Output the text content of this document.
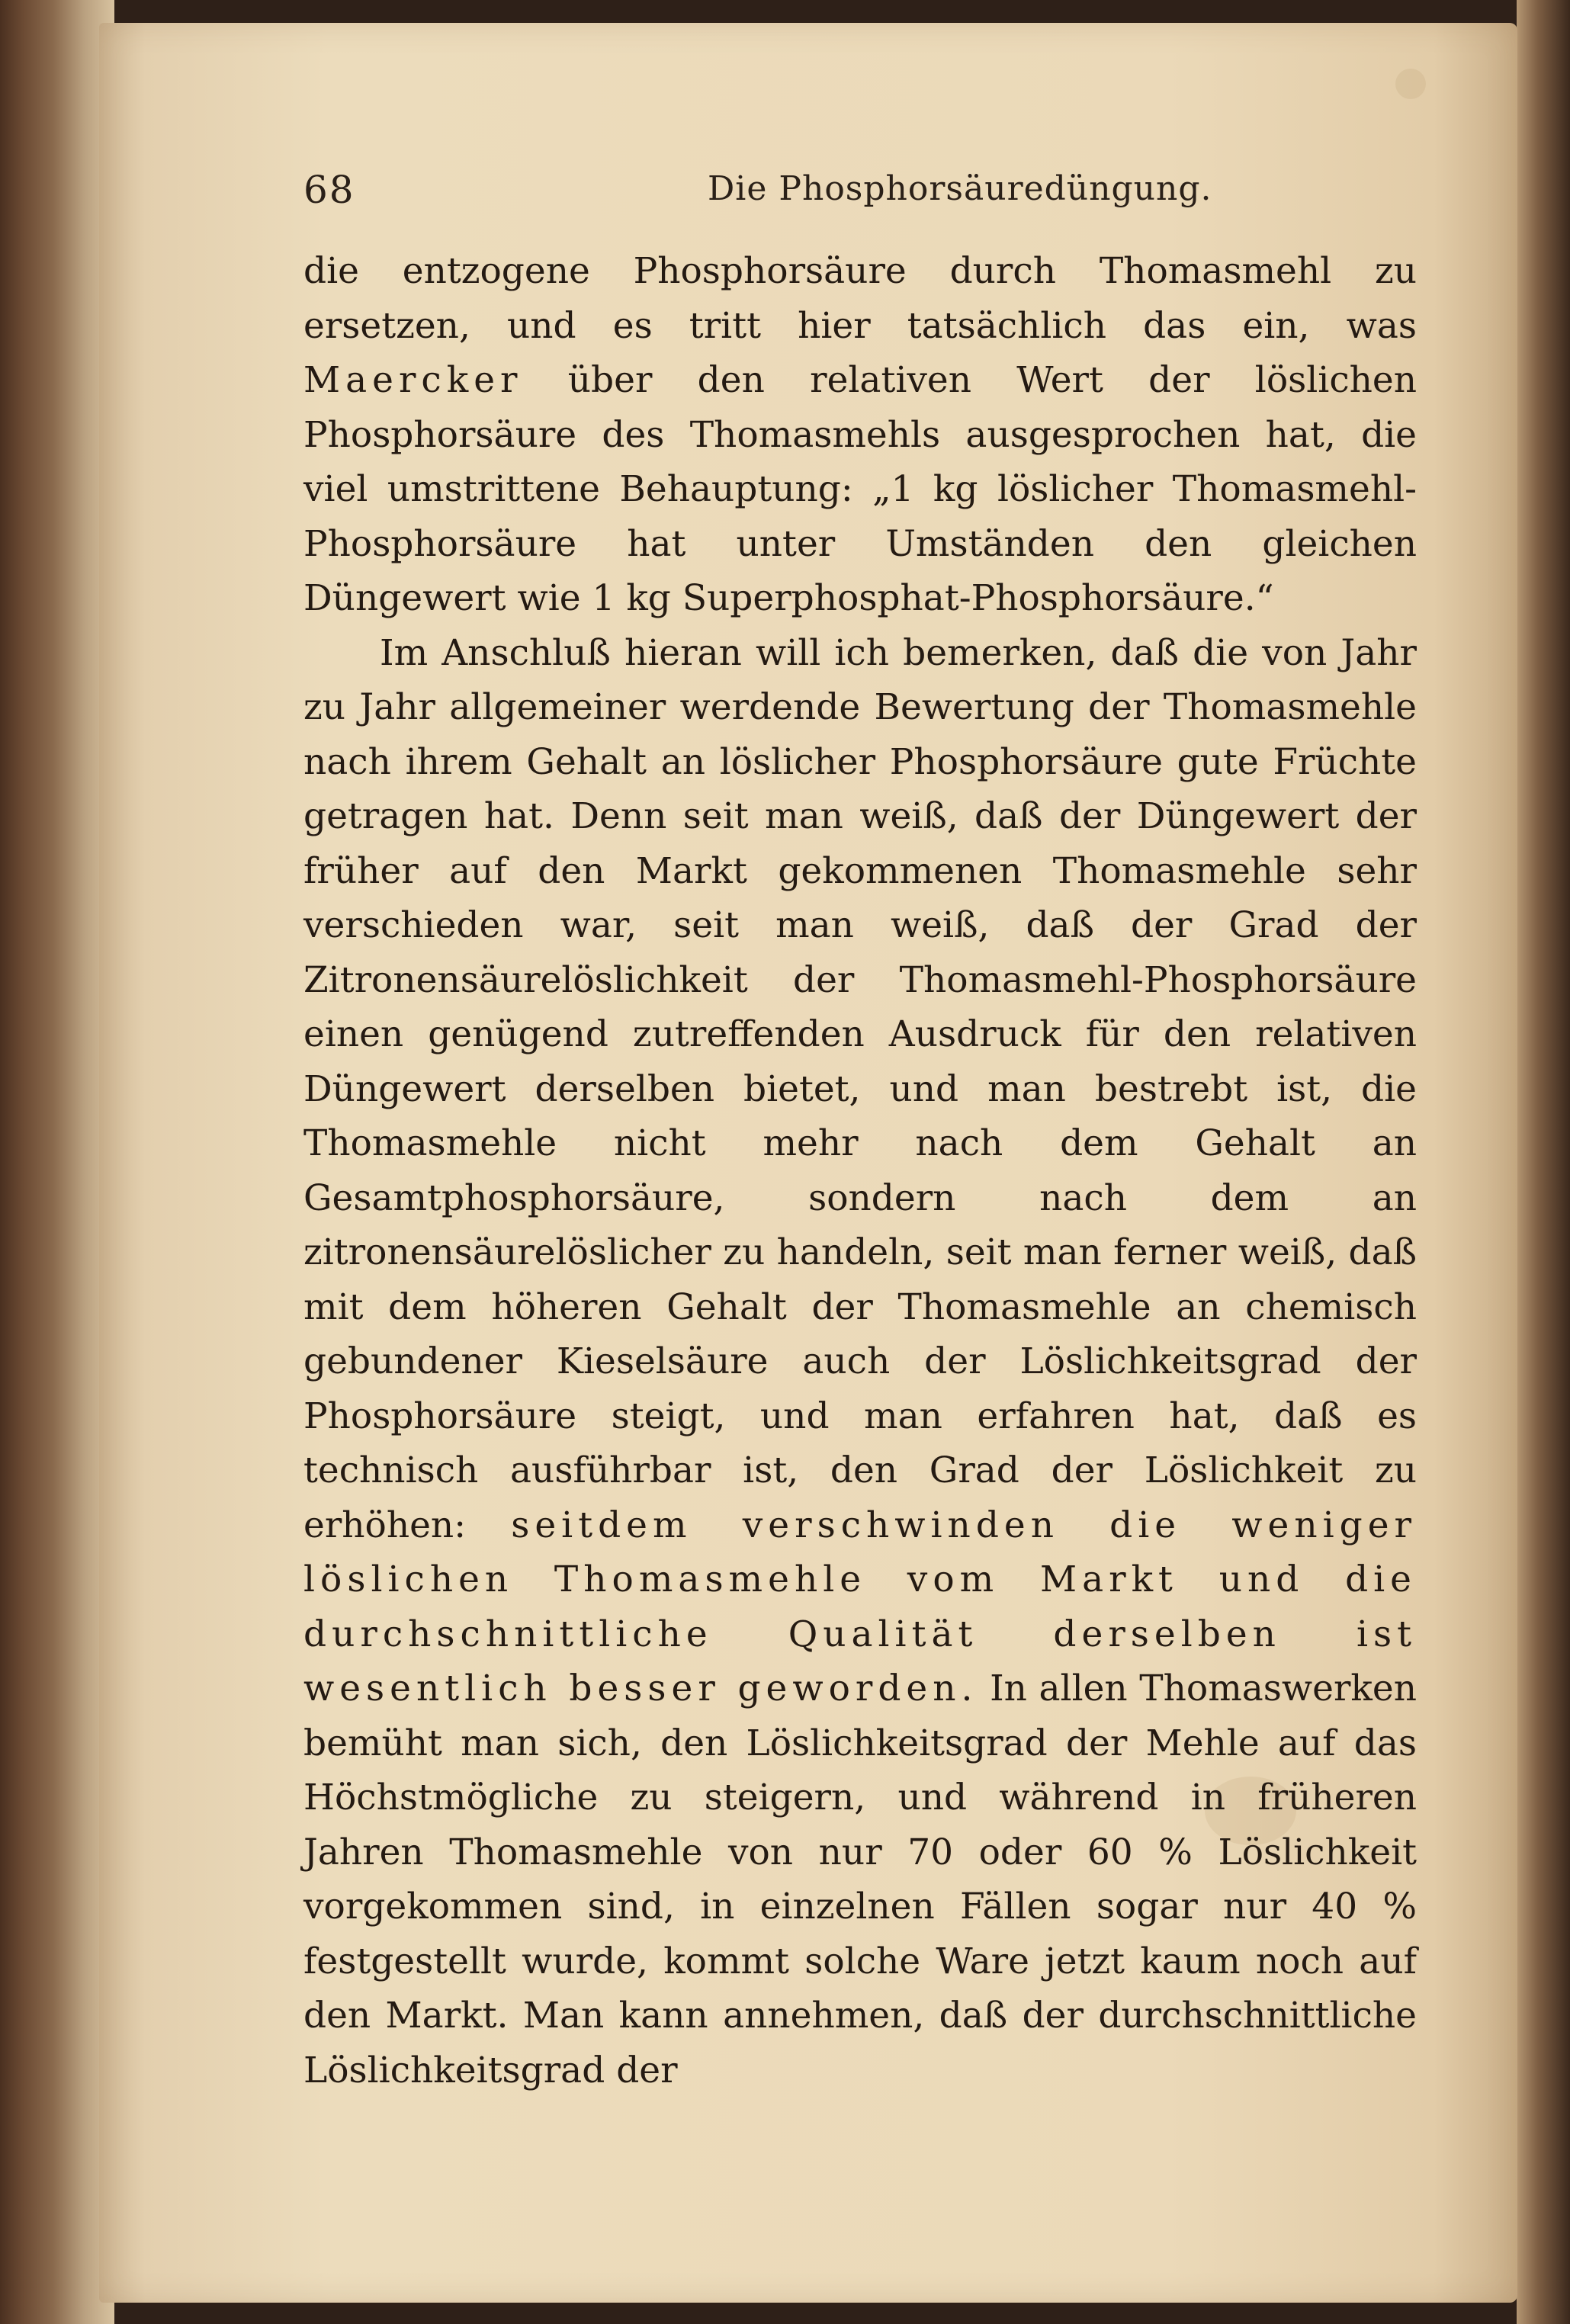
68	Die Phosphorsäuredüngung.

die entzogene Phosphorsäure durch Thomasmehl zu ersetzen, und es tritt hier tatsächlich das ein, was Maercker über den relativen Wert der löslichen Phosphorsäure des Thomasmehls ausgesprochen hat, die viel umstrittene Behauptung: „1 kg löslicher Thomasmehl-Phosphorsäure hat unter Umständen den gleichen Düngewert wie 1 kg Superphosphat-Phosphorsäure.“

Im Anschluß hieran will ich bemerken, daß die von Jahr zu Jahr allgemeiner werdende Bewertung der Thomasmehle nach ihrem Gehalt an löslicher Phosphorsäure gute Früchte getragen hat. Denn seit man weiß, daß der Düngewert der früher auf den Markt gekommenen Thomasmehle sehr verschieden war, seit man weiß, daß der Grad der Zitronensäurelöslichkeit der Thomasmehl-Phosphorsäure einen genügend zutreffenden Ausdruck für den relativen Düngewert derselben bietet, und man bestrebt ist, die Thomasmehle nicht mehr nach dem Gehalt an Gesamtphosphorsäure, sondern nach dem an zitronensäurelöslicher zu handeln, seit man ferner weiß, daß mit dem höheren Gehalt der Thomasmehle an chemisch gebundener Kieselsäure auch der Löslichkeitsgrad der Phosphorsäure steigt, und man erfahren hat, daß es technisch ausführbar ist, den Grad der Löslichkeit zu erhöhen: seitdem verschwinden die weniger löslichen Thomasmehle vom Markt und die durchschnittliche Qualität derselben ist wesentlich besser geworden. In allen Thomaswerken bemüht man sich, den Löslichkeitsgrad der Mehle auf das Höchstmögliche zu steigern, und während in früheren Jahren Thomasmehle von nur 70 oder 60 % Löslichkeit vorgekommen sind, in einzelnen Fällen sogar nur 40 % festgestellt wurde, kommt solche Ware jetzt kaum noch auf den Markt. Man kann annehmen, daß der durchschnittliche Löslichkeitsgrad der
